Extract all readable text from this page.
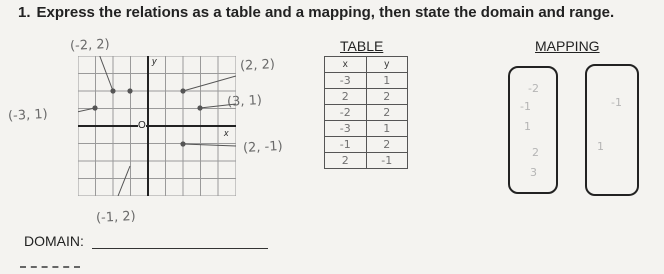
1. Express the relations as a table and a mapping, then state the domain and range.
(-2, 2)
(2, 2)
(3, 1)
(-3, 1)
(2, -1)
(-1, 2)
y
x
O
TABLE
x	y
-3	1
2	2
-2	2
-3	1
-1	2
2	-1
MAPPING
-2
-1
1
2
3
-1
1
DOMAIN:
